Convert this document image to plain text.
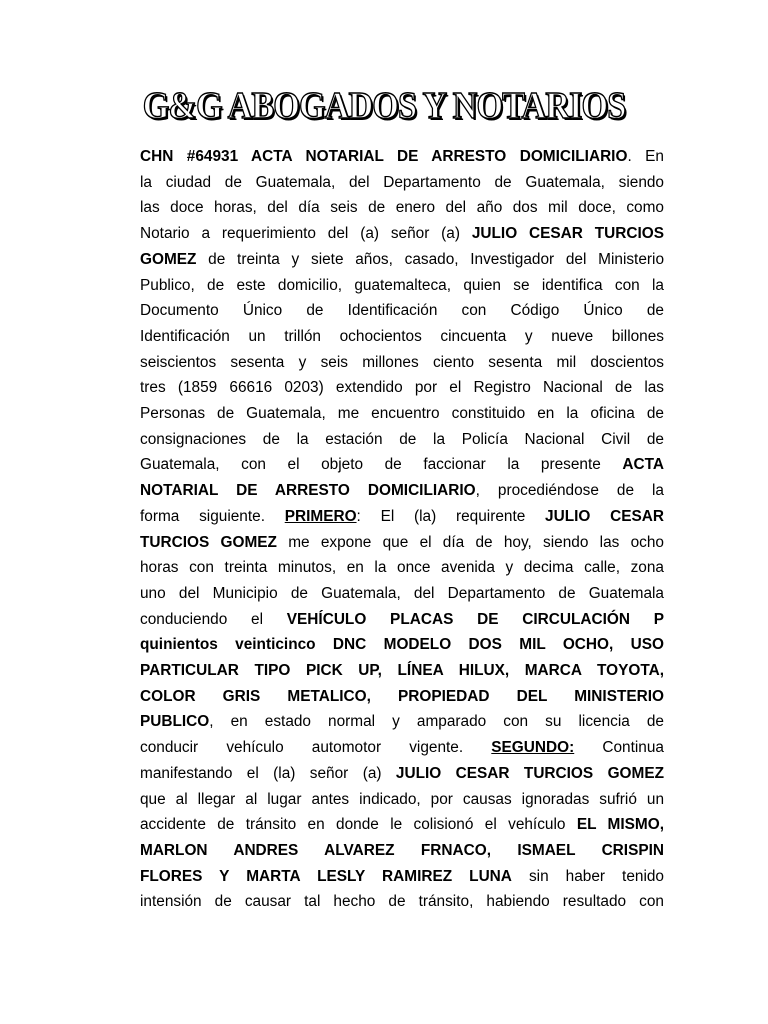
G&G ABOGADOS Y NOTARIOS
CHN #64931 ACTA NOTARIAL DE ARRESTO DOMICILIARIO. En
la ciudad de Guatemala, del Departamento de Guatemala, siendo
las doce horas, del día seis de enero del año dos mil doce, como
Notario a requerimiento del (a) señor (a) JULIO CESAR TURCIOS
GOMEZ de treinta y siete años, casado, Investigador del Ministerio
Publico, de este domicilio, guatemalteca, quien se identifica con la
Documento Único de Identificación con Código Único de
Identificación un trillón ochocientos cincuenta y nueve billones
seiscientos sesenta y seis millones ciento sesenta mil doscientos
tres (1859 66616 0203) extendido por el Registro Nacional de las
Personas de Guatemala, me encuentro constituido en la oficina de
consignaciones de la estación de la Policía Nacional Civil de
Guatemala, con el objeto de faccionar la presente ACTA
NOTARIAL DE ARRESTO DOMICILIARIO, procediéndose de la
forma siguiente. PRIMERO: El (la) requirente JULIO CESAR
TURCIOS GOMEZ me expone que el día de hoy, siendo las ocho
horas con treinta minutos, en la once avenida y decima calle, zona
uno del Municipio de Guatemala, del Departamento de Guatemala
conduciendo el VEHÍCULO PLACAS DE CIRCULACIÓN P
quinientos veinticinco DNC MODELO DOS MIL OCHO, USO
PARTICULAR TIPO PICK UP, LÍNEA HILUX, MARCA TOYOTA,
COLOR GRIS METALICO, PROPIEDAD DEL MINISTERIO
PUBLICO, en estado normal y amparado con su licencia de
conducir vehículo automotor vigente. SEGUNDO: Continua
manifestando el (la) señor (a) JULIO CESAR TURCIOS GOMEZ
que al llegar al lugar antes indicado, por causas ignoradas sufrió un
accidente de tránsito en donde le colisionó el vehículo EL MISMO,
MARLON ANDRES ALVAREZ FRNACO, ISMAEL CRISPIN
FLORES Y MARTA LESLY RAMIREZ LUNA sin haber tenido
intensión de causar tal hecho de tránsito, habiendo resultado con
